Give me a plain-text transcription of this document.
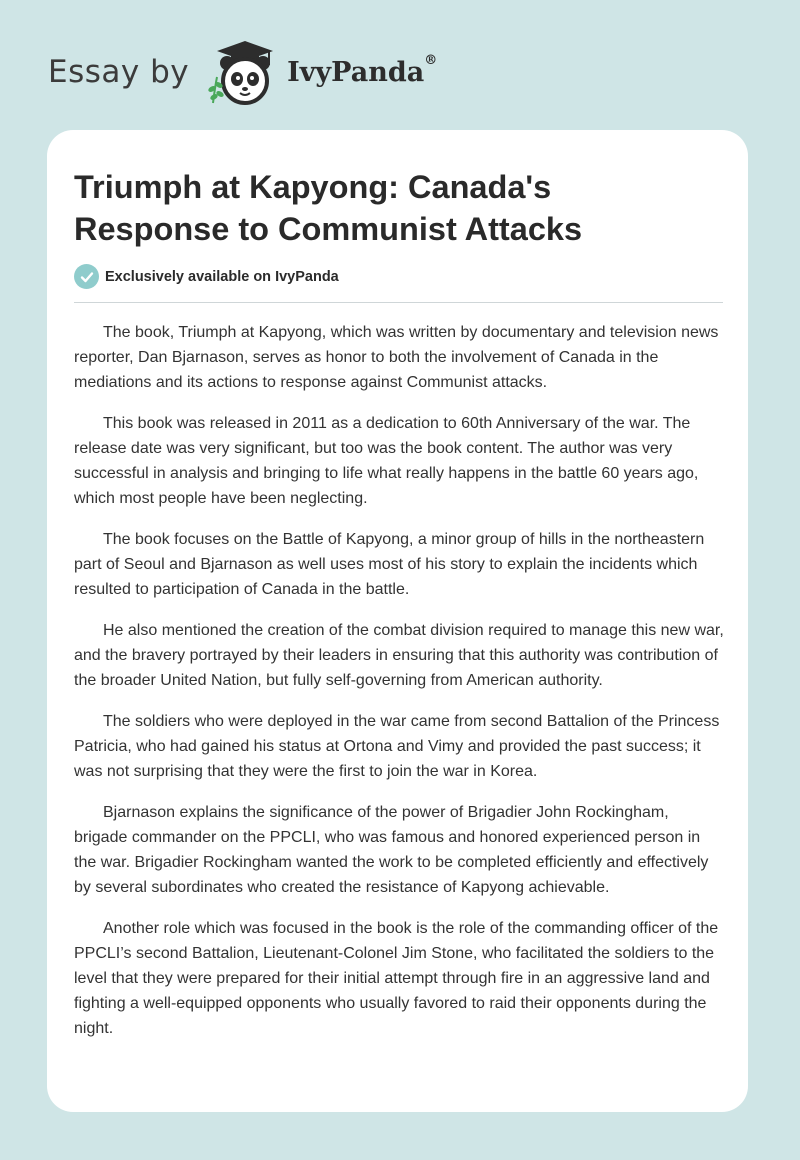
Essay by	IvyPanda®
Triumph at Kapyong: Canada's Response to Communist Attacks
Exclusively available on IvyPanda

The book, Triumph at Kapyong, which was written by documentary and television news reporter, Dan Bjarnason, serves as honor to both the involvement of Canada in the mediations and its actions to response against Communist attacks.

This book was released in 2011 as a dedication to 60th Anniversary of the war. The release date was very significant, but too was the book content. The author was very successful in analysis and bringing to life what really happens in the battle 60 years ago, which most people have been neglecting.

The book focuses on the Battle of Kapyong, a minor group of hills in the northeastern part of Seoul and Bjarnason as well uses most of his story to explain the incidents which resulted to participation of Canada in the battle.

He also mentioned the creation of the combat division required to manage this new war, and the bravery portrayed by their leaders in ensuring that this authority was contribution of the broader United Nation, but fully self-governing from American authority.

The soldiers who were deployed in the war came from second Battalion of the Princess Patricia, who had gained his status at Ortona and Vimy and provided the past success; it was not surprising that they were the first to join the war in Korea.

Bjarnason explains the significance of the power of Brigadier John Rockingham, brigade commander on the PPCLI, who was famous and honored experienced person in the war. Brigadier Rockingham wanted the work to be completed efficiently and effectively by several subordinates who created the resistance of Kapyong achievable.

Another role which was focused in the book is the role of the commanding officer of the PPCLI’s second Battalion, Lieutenant-Colonel Jim Stone, who facilitated the soldiers to the level that they were prepared for their initial attempt through fire in an aggressive land and fighting a well-equipped opponents who usually favored to raid their opponents during the night.
